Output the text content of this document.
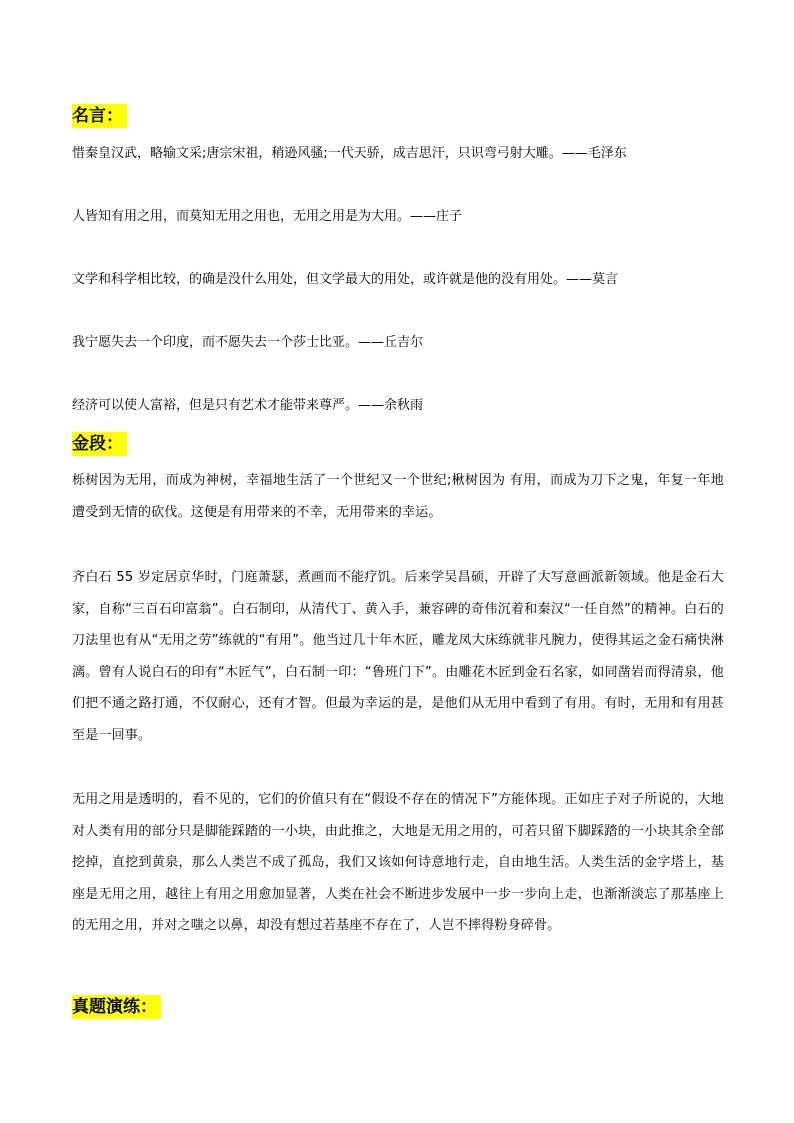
名言：
惜秦皇汉武，略输文采;唐宗宋祖，稍逊风骚;一代天骄，成吉思汗，只识弯弓射大雕。——毛泽东
人皆知有用之用，而莫知无用之用也，无用之用是为大用。——庄子
文学和科学相比较，的确是没什么用处，但文学最大的用处，或许就是他的没有用处。——莫言
我宁愿失去一个印度，而不愿失去一个莎士比亚。——丘吉尔
经济可以使人富裕，但是只有艺术才能带来尊严。——余秋雨
金段：
栎树因为无用，而成为神树，幸福地生活了一个世纪又一个世纪;楸树因为 有用，而成为刀下之鬼，年复一年地遭受到无情的砍伐。这便是有用带来的不幸，无用带来的幸运。
齐白石 55 岁定居京华时，门庭萧瑟，煮画而不能疗饥。后来学吴昌硕，开辟了大写意画派新领域。他是金石大家，自称“三百石印富翁”。白石制印，从清代丁、黄入手，兼容碑的奇伟沉着和秦汉“一任自然”的精神。白石的刀法里也有从“无用之劳”练就的“有用”。他当过几十年木匠，雕龙凤大床练就非凡腕力，使得其运之金石痛快淋漓。曾有人说白石的印有“木匠气”，白石制一印：“鲁班门下”。由雕花木匠到金石名家，如同凿岩而得清泉，他们把不通之路打通，不仅耐心，还有才智。但最为幸运的是，是他们从无用中看到了有用。有时，无用和有用甚至是一回事。
无用之用是透明的，看不见的，它们的价值只有在“假设不存在的情况下”方能体现。正如庄子对子所说的，大地对人类有用的部分只是脚能踩踏的一小块，由此推之，大地是无用之用的，可若只留下脚踩踏的一小块其余全部挖掉，直挖到黄泉，那么人类岂不成了孤岛，我们又该如何诗意地行走，自由地生活。人类生活的金字塔上，基座是无用之用，越往上有用之用愈加显著，人类在社会不断进步发展中一步一步向上走，也渐渐淡忘了那基座上的无用之用，并对之嗤之以鼻，却没有想过若基座不存在了，人岂不摔得粉身碎骨。
真题演练：
